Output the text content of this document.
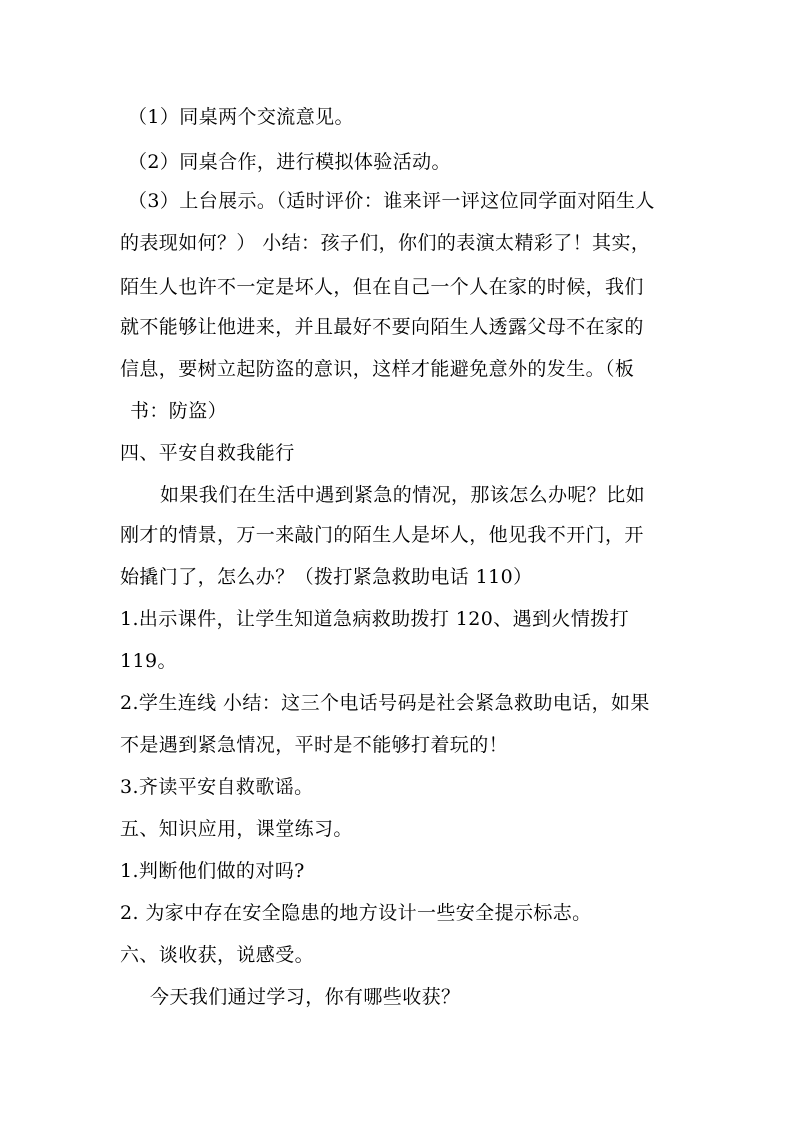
（1）同桌两个交流意见。
（2）同桌合作，进行模拟体验活动。
（3）上台展示。（适时评价：谁来评一评这位同学面对陌生人
的表现如何？） 小结：孩子们，你们的表演太精彩了！其实，
陌生人也许不一定是坏人，但在自己一个人在家的时候，我们
就不能够让他进来，并且最好不要向陌生人透露父母不在家的
信息，要树立起防盗的意识，这样才能避免意外的发生。（板
书：防盗）
四、平安自救我能行
如果我们在生活中遇到紧急的情况，那该怎么办呢？比如
刚才的情景，万一来敲门的陌生人是坏人，他见我不开门，开
始撬门了，怎么办？（拨打紧急救助电话 110）
1.出示课件，让学生知道急病救助拨打 120、遇到火情拨打
119。
2.学生连线 小结：这三个电话号码是社会紧急救助电话，如果
不是遇到紧急情况，平时是不能够打着玩的！
3.齐读平安自救歌谣。
五、知识应用，课堂练习。
1.判断他们做的对吗?
2. 为家中存在安全隐患的地方设计一些安全提示标志。
六、谈收获，说感受。
今天我们通过学习，你有哪些收获？
